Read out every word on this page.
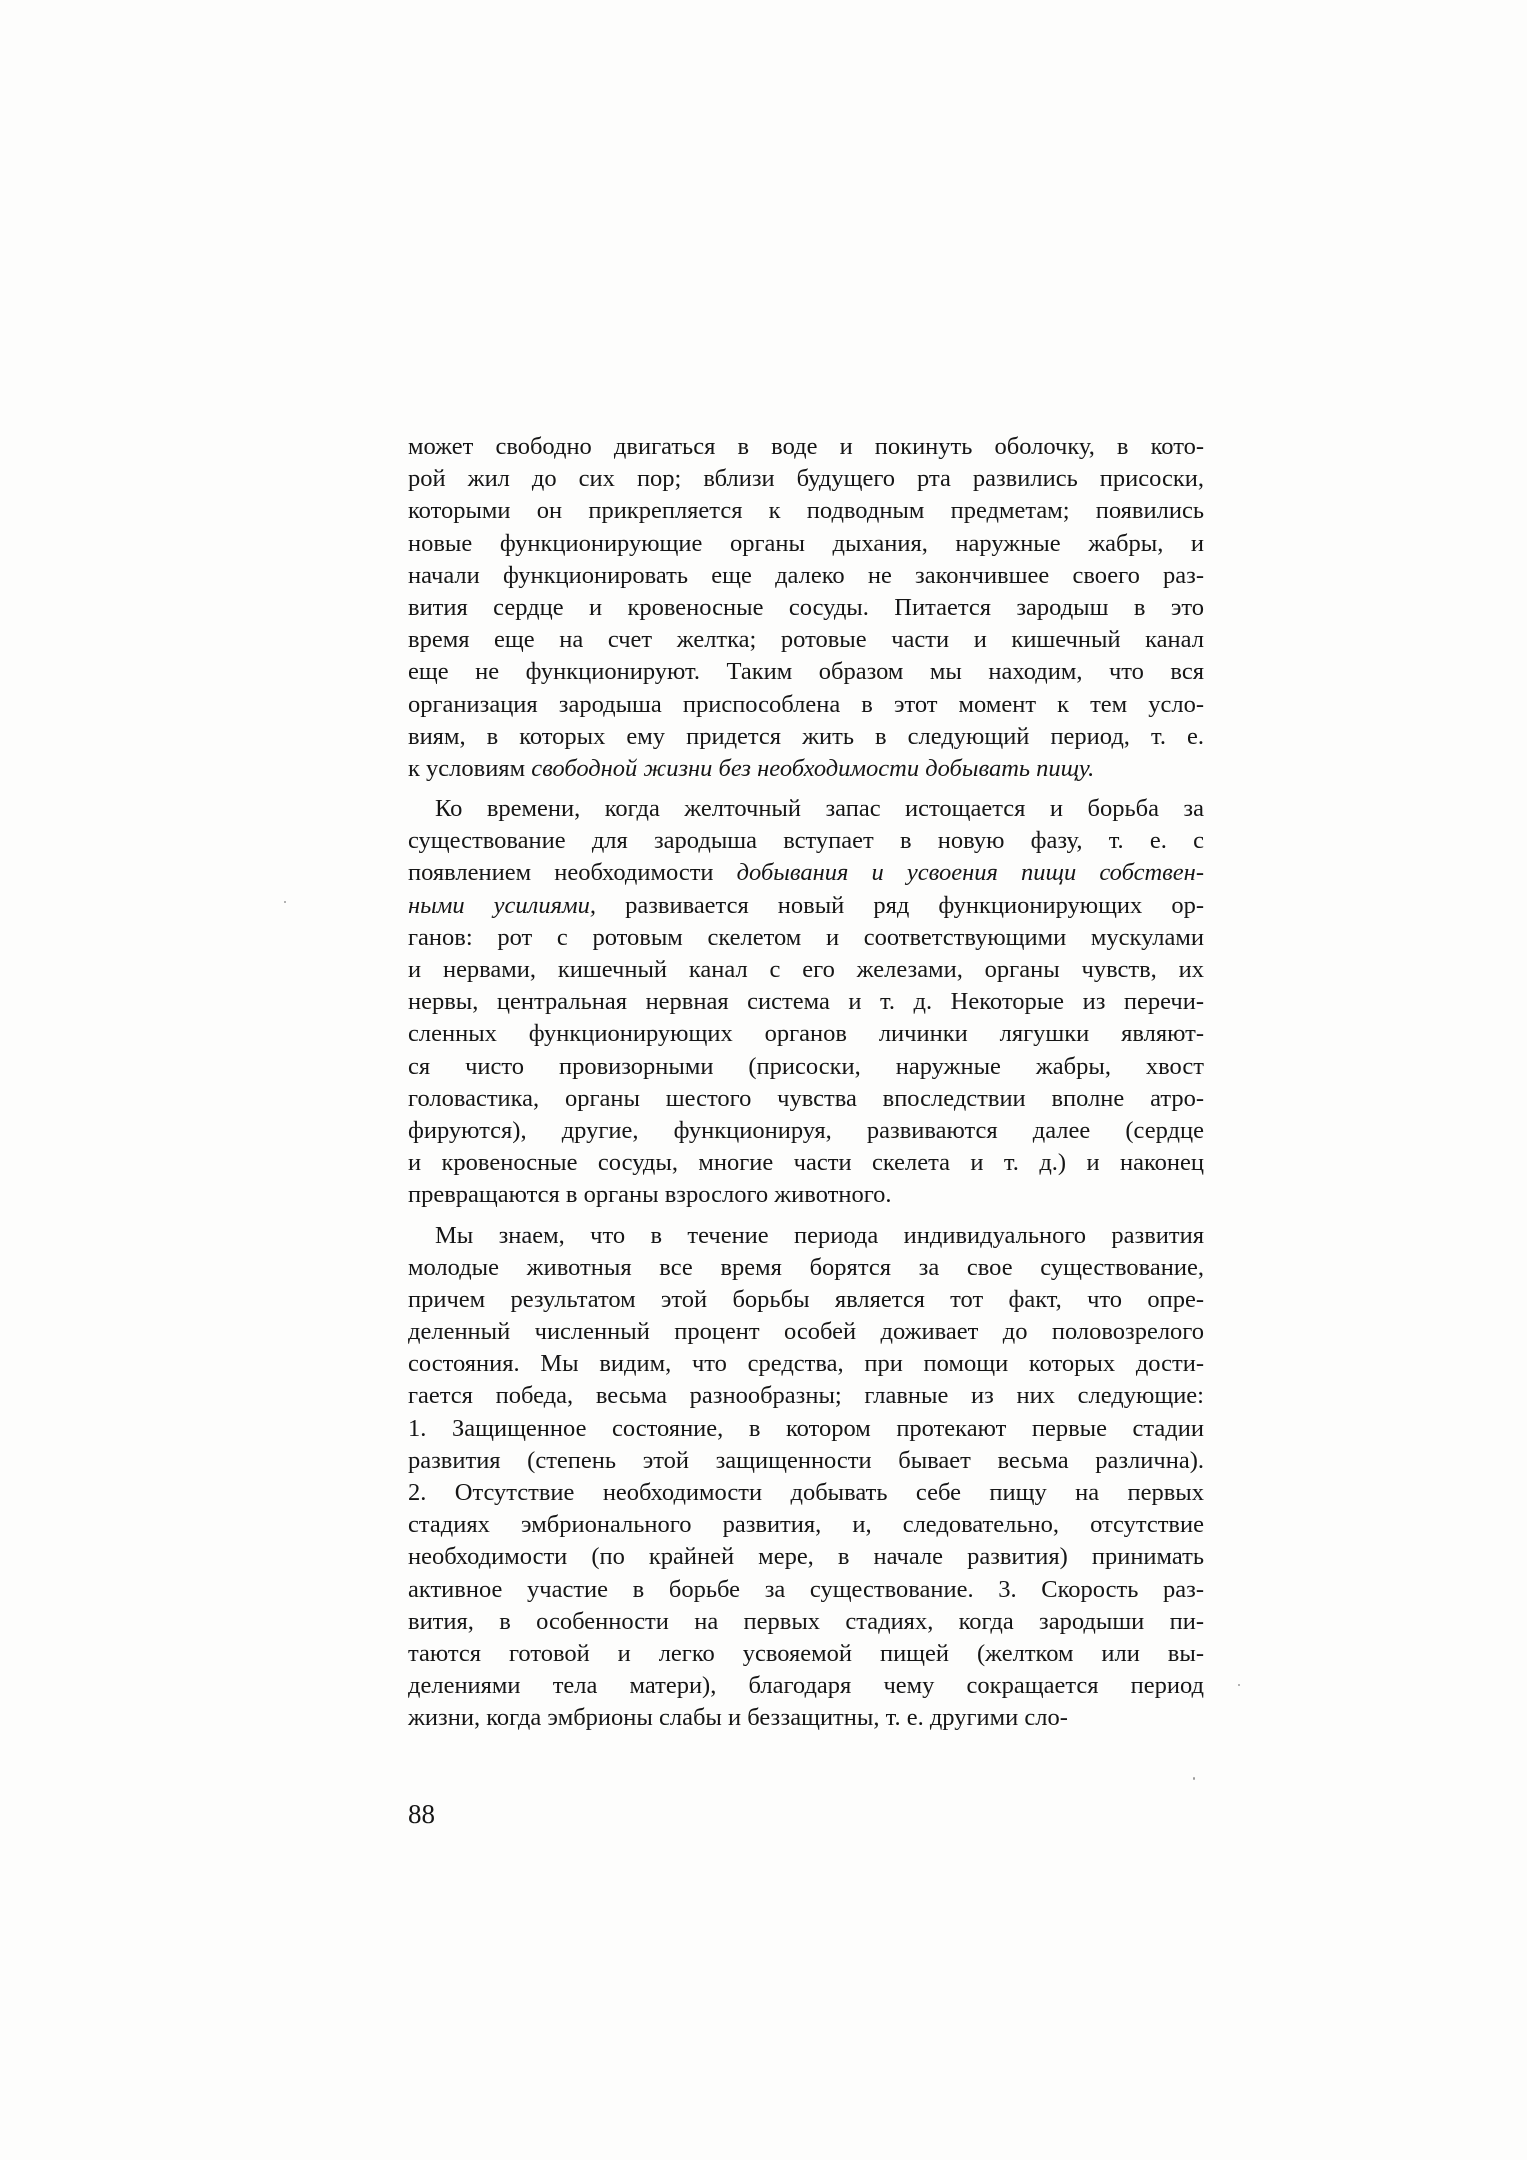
может свободно двигаться в воде и покинуть оболочку, в кото-
рой жил до сих пор; вблизи будущего рта развились присоски,
которыми он прикрепляется к подводным предметам; появились
новые функционирующие органы дыхания, наружные жабры, и
начали функционировать еще далеко не закончившее своего раз-
вития сердце и кровеносные сосуды. Питается зародыш в это
время еще на счет желтка; ротовые части и кишечный канал
еще не функционируют. Таким образом мы находим, что вся
организация зародыша приспособлена в этот момент к тем усло-
виям, в которых ему придется жить в следующий период, т. е.
к условиям свободной жизни без необходимости добывать пищу.
Ко времени, когда желточный запас истощается и борьба за
существование для зародыша вступает в новую фазу, т. е. с
появлением необходимости добывания и усвоения пищи собствен-
ными усилиями, развивается новый ряд функционирующих ор-
ганов: рот с ротовым скелетом и соответствующими мускулами
и нервами, кишечный канал с его железами, органы чувств, их
нервы, центральная нервная система и т. д. Некоторые из перечи-
сленных функционирующих органов личинки лягушки являют-
ся чисто провизорными (присоски, наружные жабры, хвост
головастика, органы шестого чувства впоследствии вполне атро-
фируются), другие, функционируя, развиваются далее (сердце
и кровеносные сосуды, многие части скелета и т. д.) и наконец
превращаются в органы взрослого животного.
Мы знаем, что в течение периода индивидуального развития
молодые животныя все время борятся за свое существование,
причем результатом этой борьбы является тот факт, что опре-
деленный численный процент особей доживает до половозрелого
состояния. Мы видим, что средства, при помощи которых дости-
гается победа, весьма разнообразны; главные из них следующие:
1. Защищенное состояние, в котором протекают первые стадии
развития (степень этой защищенности бывает весьма различна).
2. Отсутствие необходимости добывать себе пищу на первых
стадиях эмбрионального развития, и, следовательно, отсутствие
необходимости (по крайней мере, в начале развития) принимать
активное участие в борьбе за существование. 3. Скорость раз-
вития, в особенности на первых стадиях, когда зародыши пи-
таются готовой и легко усвояемой пищей (желтком или вы-
делениями тела матери), благодаря чему сокращается период
жизни, когда эмбрионы слабы и беззащитны, т. е. другими сло-
88
